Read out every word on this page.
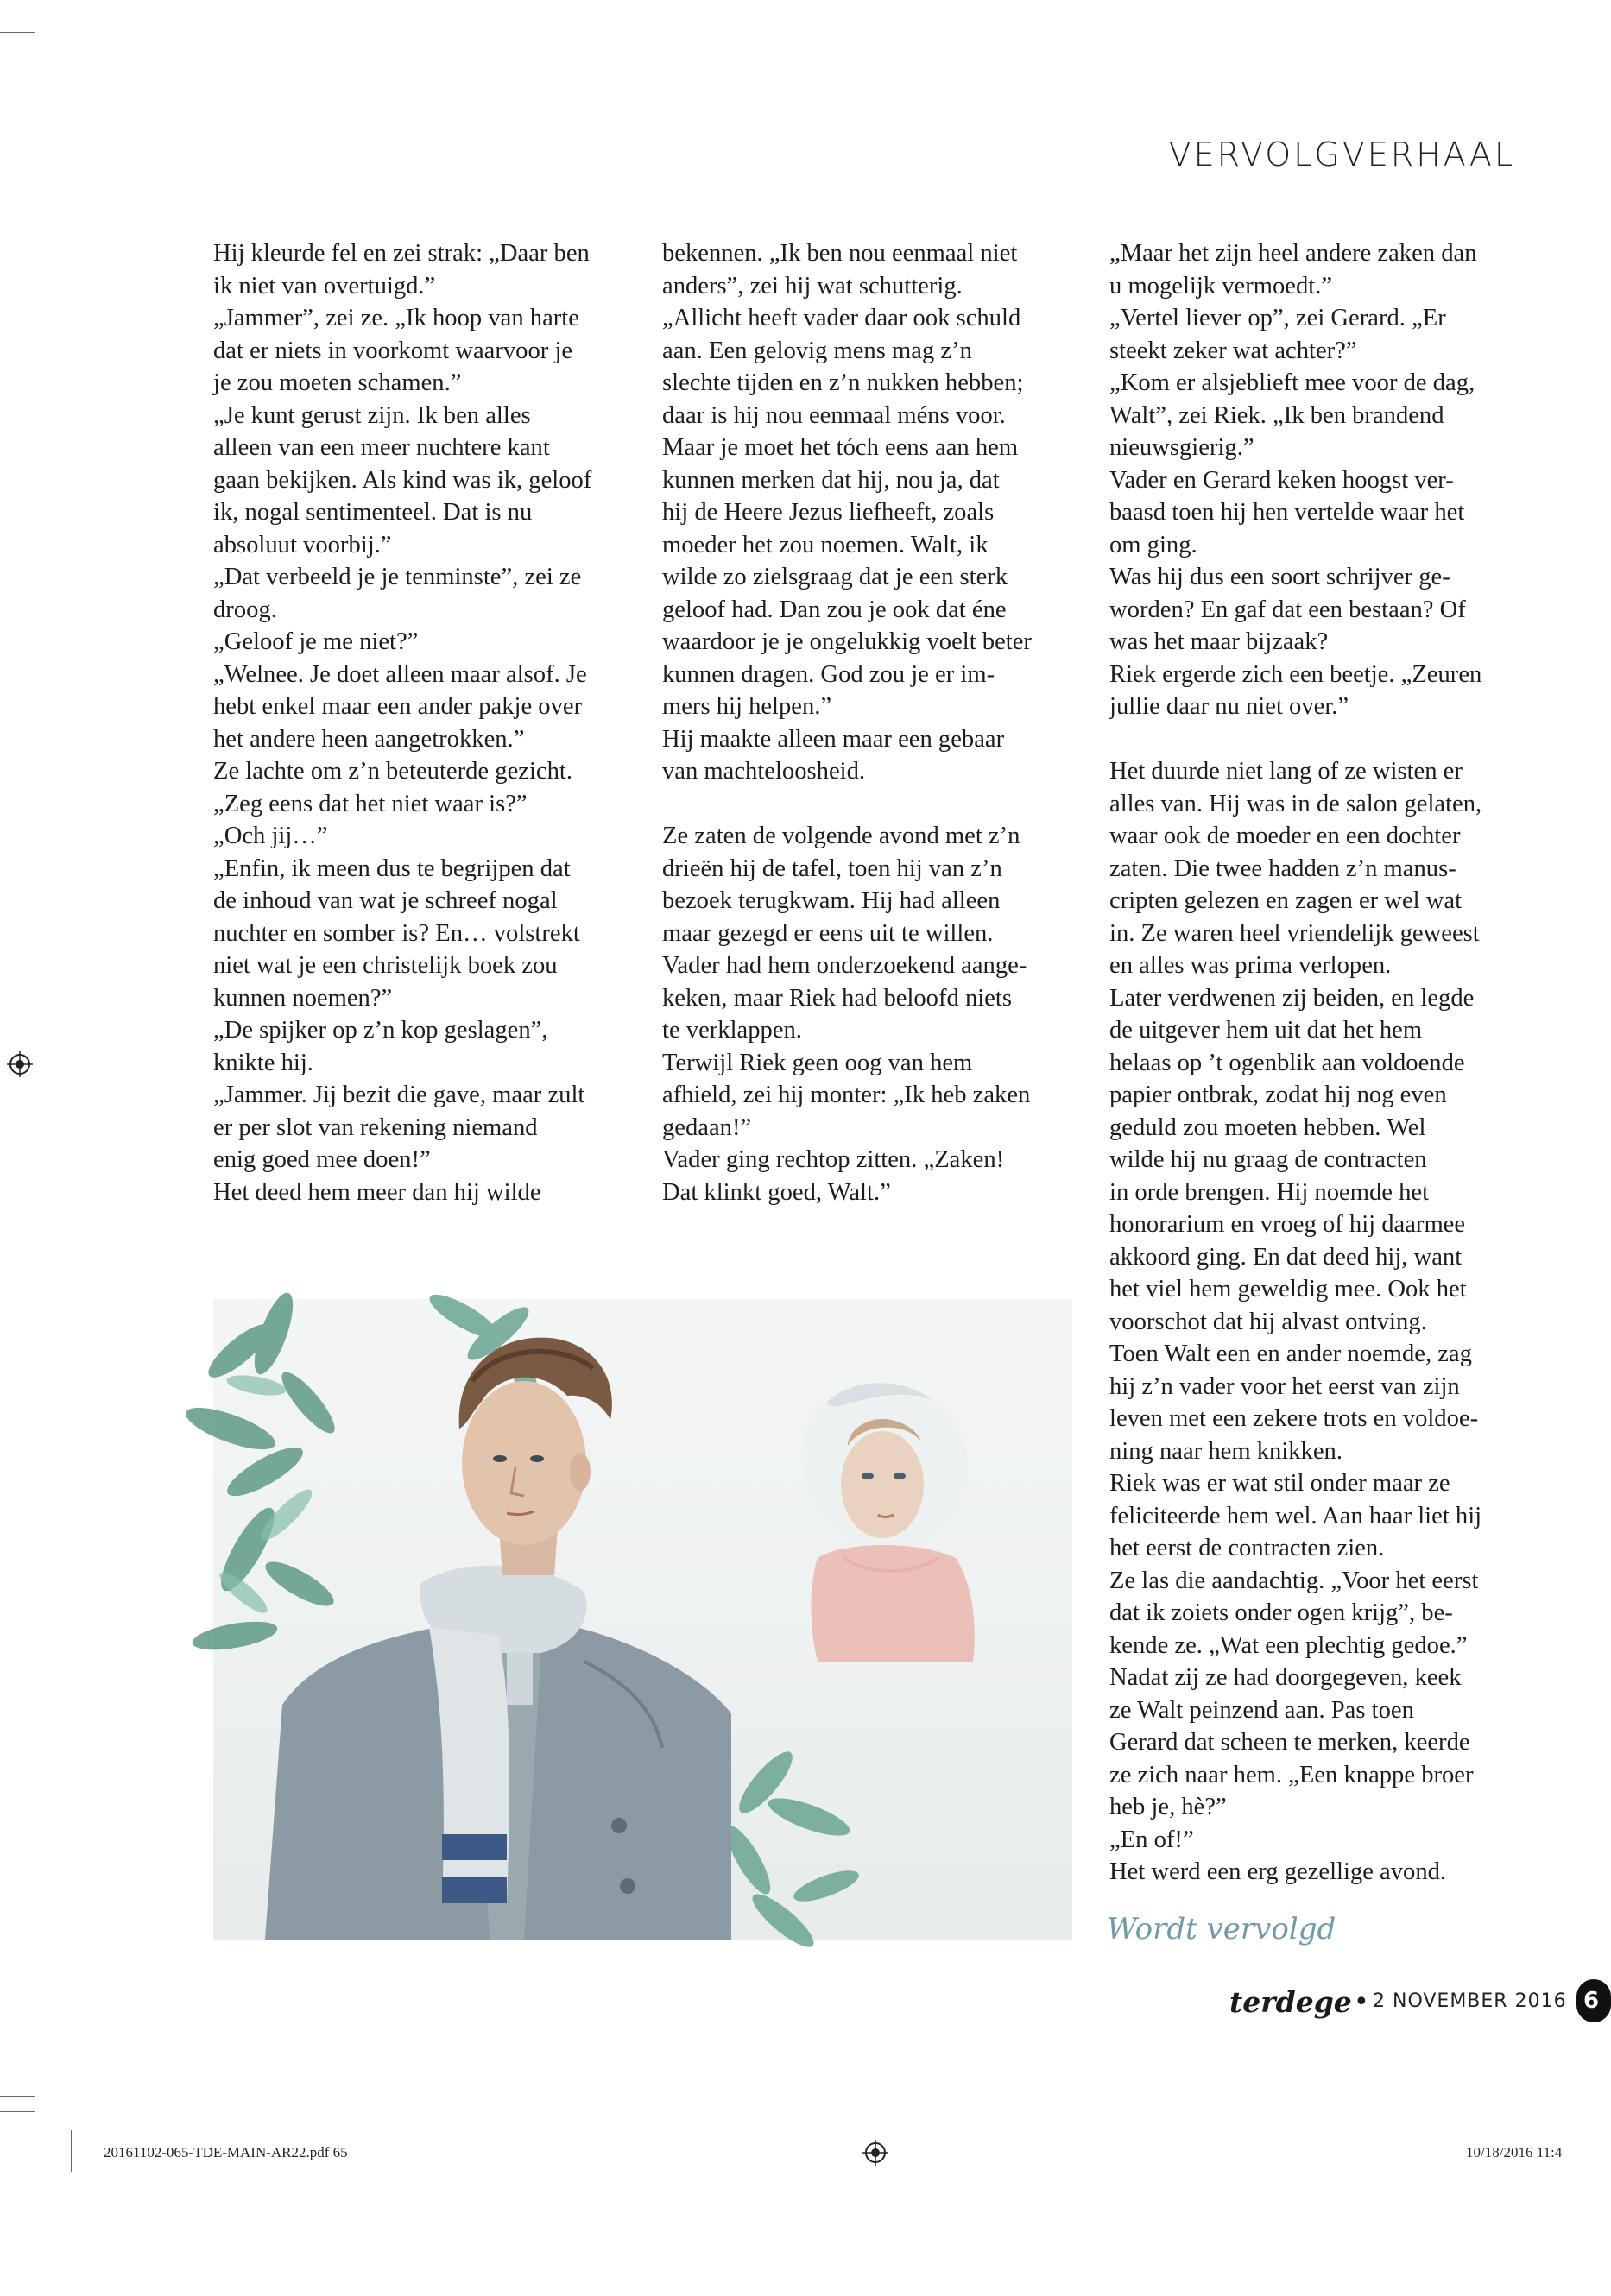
VERVOLGVERHAAL
Hij kleurde fel en zei strak: „Daar ben
ik niet van overtuigd.”
„Jammer”, zei ze. „Ik hoop van harte
dat er niets in voorkomt waarvoor je
je zou moeten schamen.”
„Je kunt gerust zijn. Ik ben alles
alleen van een meer nuchtere kant
gaan bekijken. Als kind was ik, geloof
ik, nogal sentimenteel. Dat is nu
absoluut voorbij.”
„Dat verbeeld je je tenminste”, zei ze
droog.
„Geloof je me niet?”
„Welnee. Je doet alleen maar alsof. Je
hebt enkel maar een ander pakje over
het andere heen aangetrokken.”
Ze lachte om z’n beteuterde gezicht.
„Zeg eens dat het niet waar is?”
„Och jij…”
„Enfin, ik meen dus te begrijpen dat
de inhoud van wat je schreef nogal
nuchter en somber is? En… volstrekt
niet wat je een christelijk boek zou
kunnen noemen?”
„De spijker op z’n kop geslagen”,
knikte hij.
„Jammer. Jij bezit die gave, maar zult
er per slot van rekening niemand
enig goed mee doen!”
Het deed hem meer dan hij wilde
bekennen. „Ik ben nou eenmaal niet
anders”, zei hij wat schutterig.
„Allicht heeft vader daar ook schuld
aan. Een gelovig mens mag z’n
slechte tijden en z’n nukken hebben;
daar is hij nou eenmaal méns voor.
Maar je moet het tóch eens aan hem
kunnen merken dat hij, nou ja, dat
hij de Heere Jezus liefheeft, zoals
moeder het zou noemen. Walt, ik
wilde zo zielsgraag dat je een sterk
geloof had. Dan zou je ook dat éne
waardoor je je ongelukkig voelt beter
kunnen dragen. God zou je er im-
mers hij helpen.”
Hij maakte alleen maar een gebaar
van machteloosheid.
Ze zaten de volgende avond met z’n
drieën hij de tafel, toen hij van z’n
bezoek terugkwam. Hij had alleen
maar gezegd er eens uit te willen.
Vader had hem onderzoekend aange-
keken, maar Riek had beloofd niets
te verklappen.
Terwijl Riek geen oog van hem
afhield, zei hij monter: „Ik heb zaken
gedaan!”
Vader ging rechtop zitten. „Zaken!
Dat klinkt goed, Walt.”
„Maar het zijn heel andere zaken dan
u mogelijk vermoedt.”
„Vertel liever op”, zei Gerard. „Er
steekt zeker wat achter?”
„Kom er alsjeblieft mee voor de dag,
Walt”, zei Riek. „Ik ben brandend
nieuwsgierig.”
Vader en Gerard keken hoogst ver-
baasd toen hij hen vertelde waar het
om ging.
Was hij dus een soort schrijver ge-
worden? En gaf dat een bestaan? Of
was het maar bijzaak?
Riek ergerde zich een beetje. „Zeuren
jullie daar nu niet over.”
Het duurde niet lang of ze wisten er
alles van. Hij was in de salon gelaten,
waar ook de moeder en een dochter
zaten. Die twee hadden z’n manus-
cripten gelezen en zagen er wel wat
in. Ze waren heel vriendelijk geweest
en alles was prima verlopen.
Later verdwenen zij beiden, en legde
de uitgever hem uit dat het hem
helaas op ’t ogenblik aan voldoende
papier ontbrak, zodat hij nog even
geduld zou moeten hebben. Wel
wilde hij nu graag de contracten
in orde brengen. Hij noemde het
honorarium en vroeg of hij daarmee
akkoord ging. En dat deed hij, want
het viel hem geweldig mee. Ook het
voorschot dat hij alvast ontving.
Toen Walt een en ander noemde, zag
hij z’n vader voor het eerst van zijn
leven met een zekere trots en voldoe-
ning naar hem knikken.
Riek was er wat stil onder maar ze
feliciteerde hem wel. Aan haar liet hij
het eerst de contracten zien.
Ze las die aandachtig. „Voor het eerst
dat ik zoiets onder ogen krijg”, be-
kende ze. „Wat een plechtig gedoe.”
Nadat zij ze had doorgegeven, keek
ze Walt peinzend aan. Pas toen
Gerard dat scheen te merken, keerde
ze zich naar hem. „Een knappe broer
heb je, hè?”
„En of!”
Het werd een erg gezellige avond.
Wordt vervolgd
terdege • 2 NOVEMBER 2016 6
20161102-065-TDE-MAIN-AR22.pdf 65	10/18/2016 11:4
